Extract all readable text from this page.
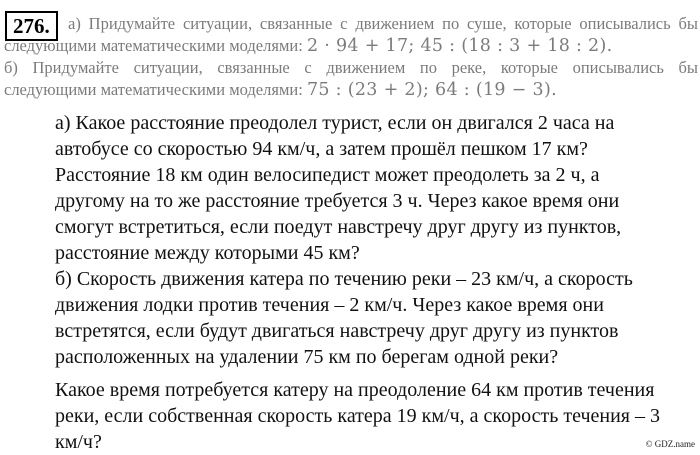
276.	а) Придумайте ситуации, связанные с движением по суше, которые описывались бы
следующими математическими моделями: 2 · 94 + 17; 45 : (18 : 3 + 18 : 2).
б) Придумайте ситуации, связанные с движением по реке, которые описывались бы
следующими математическими моделями: 75 : (23 + 2); 64 : (19 − 3).
а) Какое расстояние преодолел турист, если он двигался 2 часа на
автобусе со скоростью 94 км/ч, а затем прошёл пешком 17 км?
Расстояние 18 км один велосипедист может преодолеть за 2 ч, а
другому на то же расстояние требуется 3 ч. Через какое время они
смогут встретиться, если поедут навстречу друг другу из пунктов,
расстояние между которыми 45 км?
б) Скорость движения катера по течению реки – 23 км/ч, а скорость
движения лодки против течения – 2 км/ч. Через какое время они
встретятся, если будут двигаться навстречу друг другу из пунктов
расположенных на удалении 75 км по берегам одной реки?
Какое время потребуется катеру на преодоление 64 км против течения
реки, если собственная скорость катера 19 км/ч, а скорость течения – 3
км/ч?	© GDZ.name
